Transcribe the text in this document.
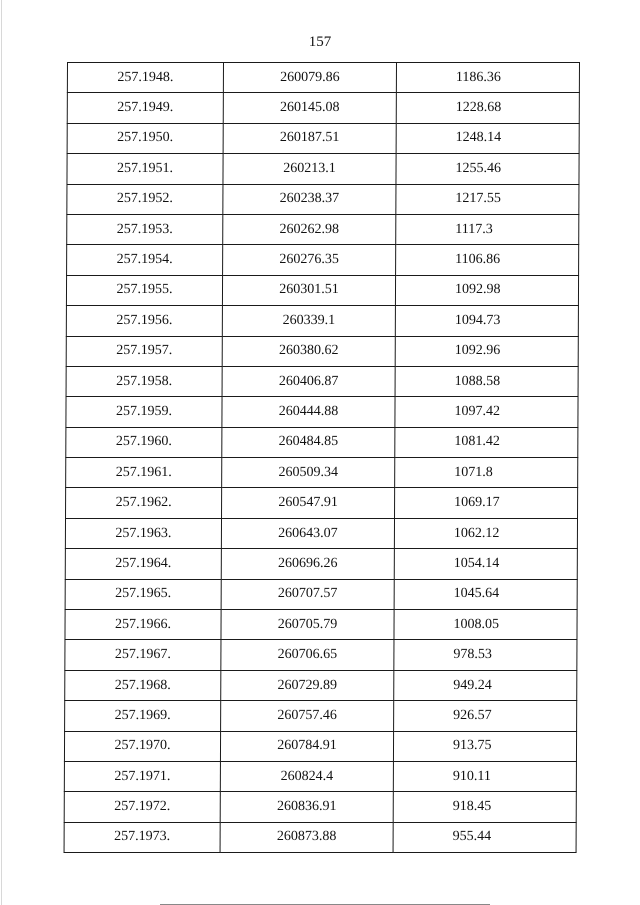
157
257.1948.	260079.86	1186.36
257.1949.	260145.08	1228.68
257.1950.	260187.51	1248.14
257.1951.	260213.1	1255.46
257.1952.	260238.37	1217.55
257.1953.	260262.98	1117.3
257.1954.	260276.35	1106.86
257.1955.	260301.51	1092.98
257.1956.	260339.1	1094.73
257.1957.	260380.62	1092.96
257.1958.	260406.87	1088.58
257.1959.	260444.88	1097.42
257.1960.	260484.85	1081.42
257.1961.	260509.34	1071.8
257.1962.	260547.91	1069.17
257.1963.	260643.07	1062.12
257.1964.	260696.26	1054.14
257.1965.	260707.57	1045.64
257.1966.	260705.79	1008.05
257.1967.	260706.65	978.53
257.1968.	260729.89	949.24
257.1969.	260757.46	926.57
257.1970.	260784.91	913.75
257.1971.	260824.4	910.11
257.1972.	260836.91	918.45
257.1973.	260873.88	955.44
